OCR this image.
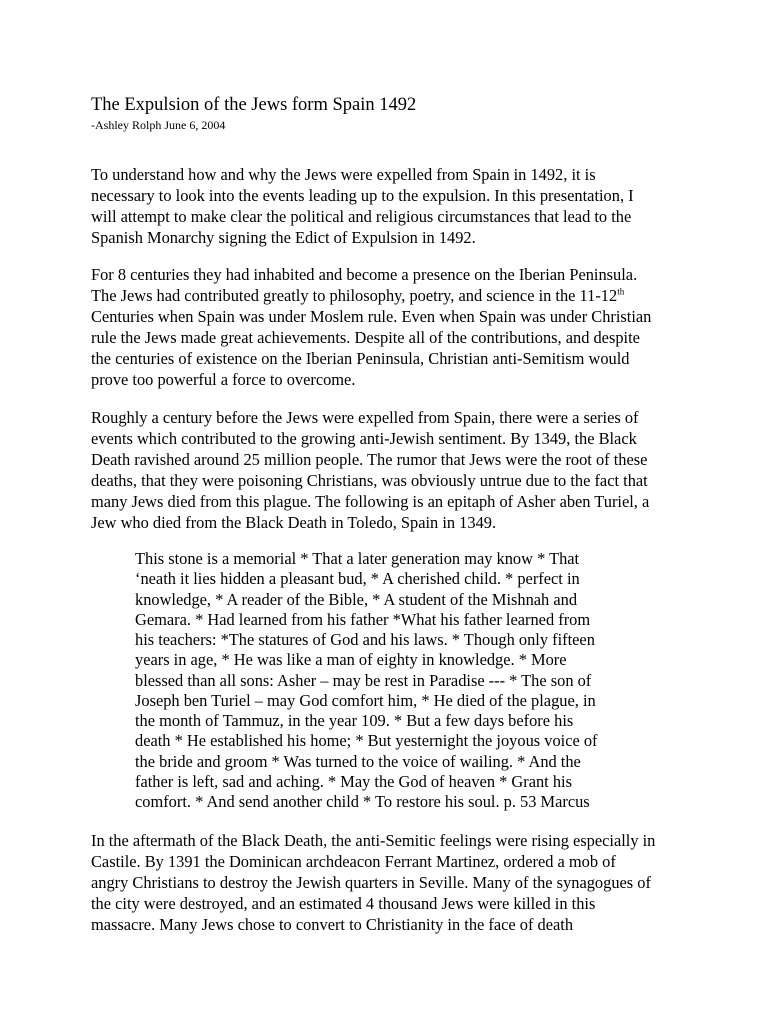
The Expulsion of the Jews form Spain 1492
-Ashley Rolph June 6, 2004
To understand how and why the Jews were expelled from Spain in 1492, it is
necessary to look into the events leading up to the expulsion. In this presentation, I
will attempt to make clear the political and religious circumstances that lead to the
Spanish Monarchy signing the Edict of Expulsion in 1492.
For 8 centuries they had inhabited and become a presence on the Iberian Peninsula.
The Jews had contributed greatly to philosophy, poetry, and science in the 11-12th
Centuries when Spain was under Moslem rule. Even when Spain was under Christian
rule the Jews made great achievements. Despite all of the contributions, and despite
the centuries of existence on the Iberian Peninsula, Christian anti-Semitism would
prove too powerful a force to overcome.
Roughly a century before the Jews were expelled from Spain, there were a series of
events which contributed to the growing anti-Jewish sentiment. By 1349, the Black
Death ravished around 25 million people. The rumor that Jews were the root of these
deaths, that they were poisoning Christians, was obviously untrue due to the fact that
many Jews died from this plague. The following is an epitaph of Asher aben Turiel, a
Jew who died from the Black Death in Toledo, Spain in 1349.
This stone is a memorial * That a later generation may know * That
‘neath it lies hidden a pleasant bud, * A cherished child. * perfect in
knowledge, * A reader of the Bible, * A student of the Mishnah and
Gemara. * Had learned from his father *What his father learned from
his teachers: *The statures of God and his laws. * Though only fifteen
years in age, * He was like a man of eighty in knowledge. * More
blessed than all sons: Asher – may be rest in Paradise --- * The son of
Joseph ben Turiel – may God comfort him, * He died of the plague, in
the month of Tammuz, in the year 109. * But a few days before his
death * He established his home; * But yesternight the joyous voice of
the bride and groom * Was turned to the voice of wailing. * And the
father is left, sad and aching. * May the God of heaven * Grant his
comfort. * And send another child * To restore his soul. p. 53 Marcus
In the aftermath of the Black Death, the anti-Semitic feelings were rising especially in
Castile. By 1391 the Dominican archdeacon Ferrant Martinez, ordered a mob of
angry Christians to destroy the Jewish quarters in Seville. Many of the synagogues of
the city were destroyed, and an estimated 4 thousand Jews were killed in this
massacre. Many Jews chose to convert to Christianity in the face of death
